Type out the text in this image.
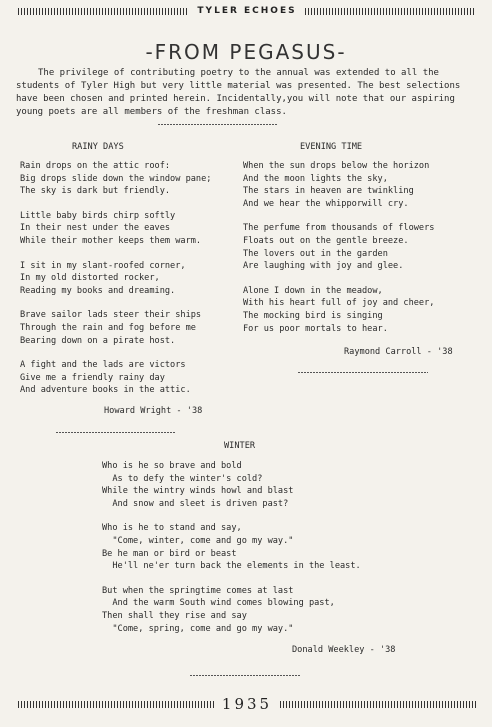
TYLER ECHOES
-FROM PEGASUS-
The privilege of contributing poetry to the annual was extended to all the students of Tyler High but very little material was presented. The best selections have been chosen and printed herein. Incidentally,you will note that our aspiring young poets are all members of the freshman class.
RAINY DAYS
Rain drops on the attic roof:
Big drops slide down the window pane;
The sky is dark but friendly.
Little baby birds chirp softly
In their nest under the eaves
While their mother keeps them warm.
I sit in my slant-roofed corner,
In my old distorted rocker,
Reading my books and dreaming.
Brave sailor lads steer their ships
Through the rain and fog before me
Bearing down on a pirate host.
A fight and the lads are victors
Give me a friendly rainy day
And adventure books in the attic.
Howard Wright - '38
EVENING TIME
When the sun drops below the horizon
And the moon lights the sky,
The stars in heaven are twinkling
And we hear the whipporwill cry.
The perfume from thousands of flowers
Floats out on the gentle breeze.
The lovers out in the garden
Are laughing with joy and glee.
Alone I down in the meadow,
With his heart full of joy and cheer,
The mocking bird is singing
For us poor mortals to hear.
Raymond Carroll - '38
WINTER
Who is he so brave and bold
As to defy the winter's cold?
While the wintry winds howl and blast
And snow and sleet is driven past?
Who is he to stand and say,
"Come, winter, come and go my way."
Be he man or bird or beast
He'll ne'er turn back the elements in the least.
But when the springtime comes at last
And the warm South wind comes blowing past,
Then shall they rise and say
"Come, spring, come and go my way."
Donald Weekley - '38
1935
